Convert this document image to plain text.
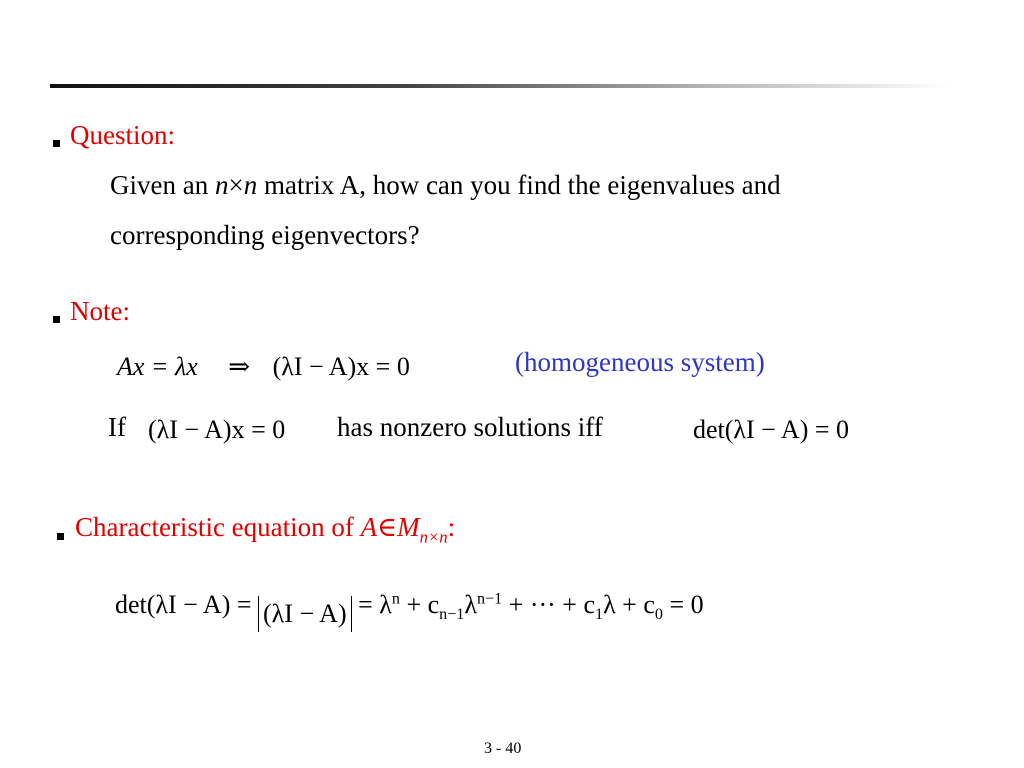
Question:
Given an n×n matrix A, how can you find the eigenvalues and
corresponding eigenvectors?
Note:
Ax = λx ⇒ (λI − A)x = 0	(homogeneous system)
If (λI − A)x = 0 has nonzero solutions iff	det(λI − A) = 0
Characteristic equation of $A\in M_{n\times n}$:
$\det(\lambda I - A) = (\lambda I - A) = \lambda^n + c_{n-1}\lambda^{n-1}$ + ··· + $c_1\lambda + c_0 = 0$
3 - 40
